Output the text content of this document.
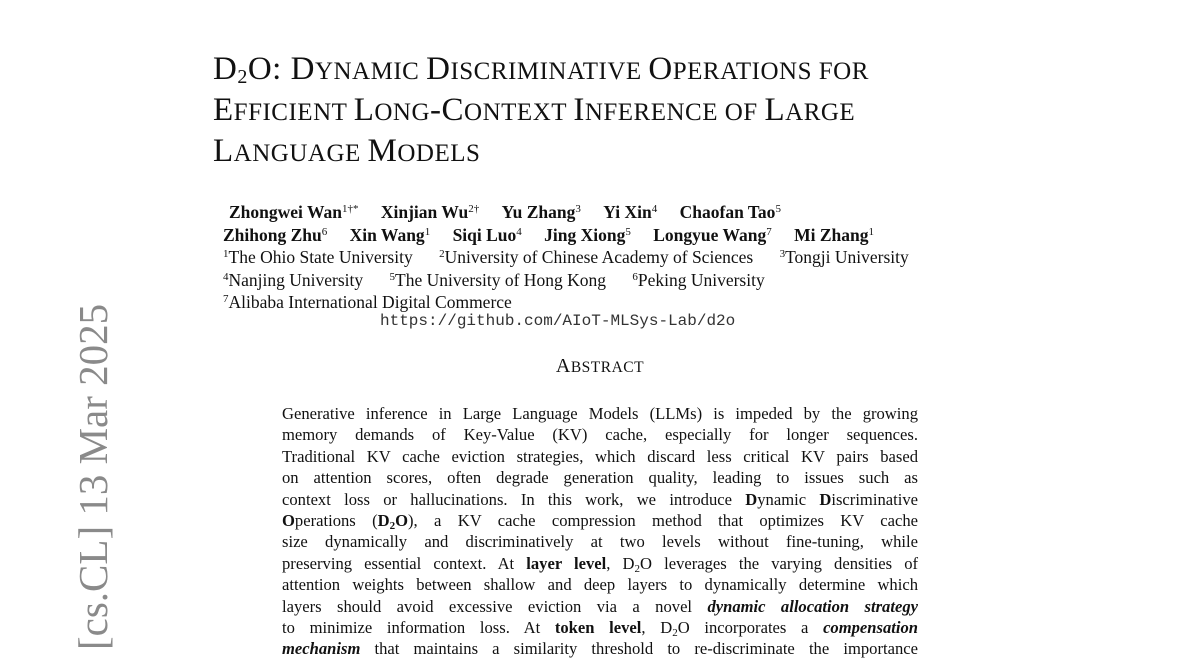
[cs.CL] 13 Mar 2025
$D_2O$: DYNAMIC DISCRIMINATIVE OPERATIONS FOR
EFFICIENT LONG-CONTEXT INFERENCE OF LARGE
LANGUAGE MODELS
Zhongwei Wan$^{1\dagger*}$ Xinjian $Wu^{2\dagger}$ Yu Zhang$^3$ Yi Xin$^4$ Chaofan Tao$^5$
Zhihong Zhu$^6$ Xin Wang$^1$ Siqi Luo$^4$ Jing Xiong$^5$ Longyue Wang$^7$ Mi Zhang$^1$
$^1$The Ohio State University $^2$University of Chinese Academy of Sciences $^3$Tongji University
$^4$Nanjing University $^5$The University of Hong Kong $^6$Peking University
$^7$Alibaba International Digital Commerce
https://github.com/AIoT-MLSys-Lab/d2o
ABSTRACT
Generative inference in Large Language Models (LLMs) is impeded by the growing
memory demands of Key-Value (KV) cache, especially for longer sequences.
Traditional KV cache eviction strategies, which discard less critical KV pairs based
on attention scores, often degrade generation quality, leading to issues such as
context loss or hallucinations. In this work, we introduce Dynamic Discriminative
Operations $(D_2O)$, a KV cache compression method that optimizes KV cache
size dynamically and discriminatively at two levels without fine-tuning, while
preserving essential context. At layer level, $D_2O$ leverages the varying densities of
attention weights between shallow and deep layers to dynamically determine which
layers should avoid excessive eviction via a novel dynamic allocation strategy
to minimize information loss. At token level, $D_2O$ incorporates a compensation
mechanism that maintains a similarity threshold to re-discriminate the importance
